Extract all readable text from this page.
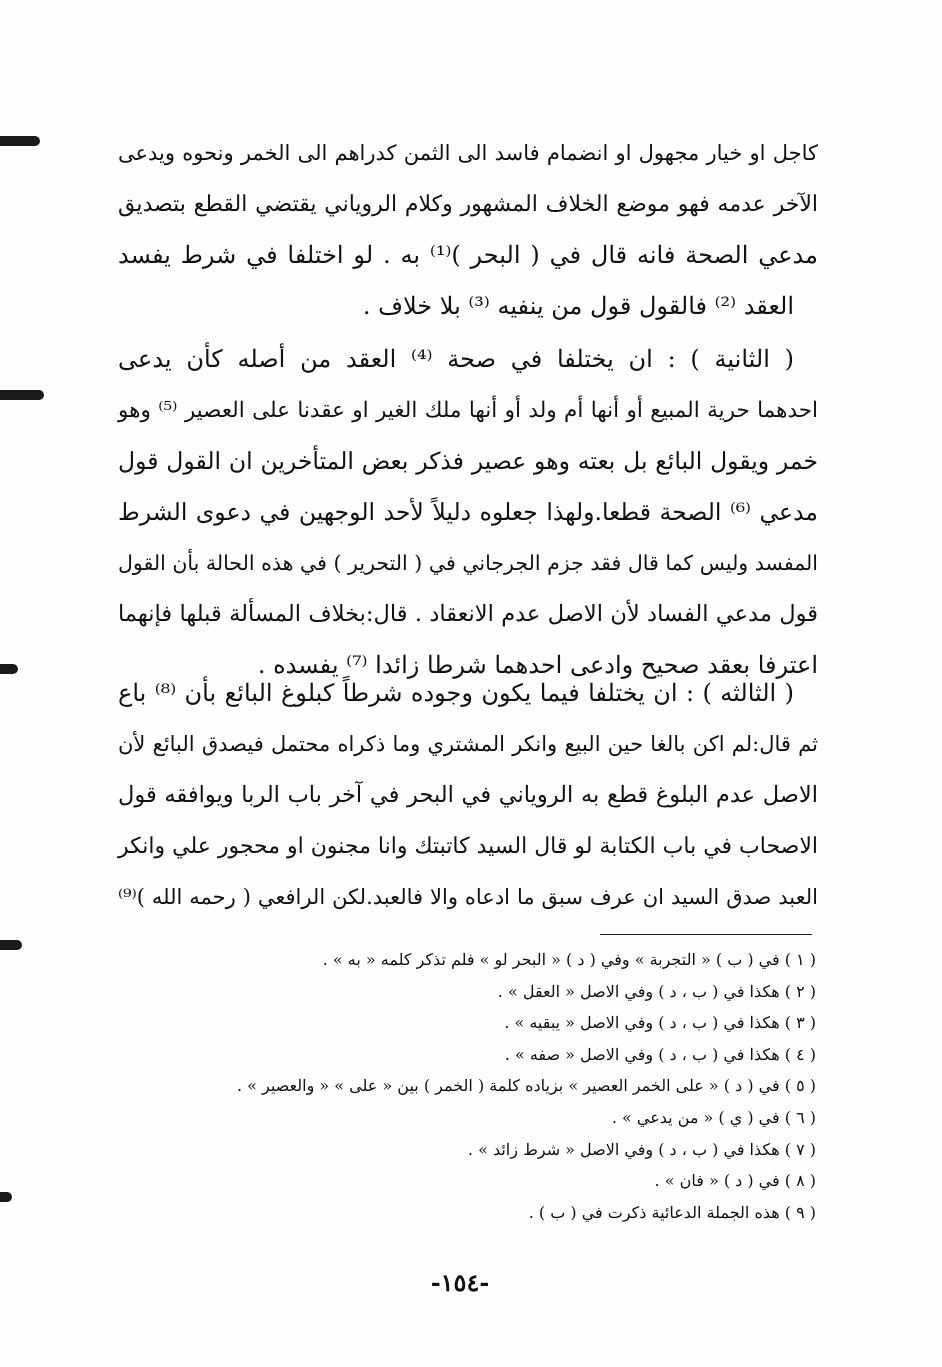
كاجل او خيار مجهول او انضمام فاسد الى الثمن كدراهم الى الخمر ونحوه ويدعى
الآخر عدمه فهو موضع الخلاف المشهور وكلام الروياني يقتضي القطع بتصديق
مدعي الصحة فانه قال في ( البحر )⁽¹⁾ به . لو اختلفا في شرط يفسد
العقد ⁽²⁾ فالقول قول من ينفيه ⁽³⁾ بلا خلاف .
( الثانية ) : ان يختلفا في صحة ⁽⁴⁾ العقد من أصله كأن يدعى
احدهما حرية المبيع أو أنها أم ولد أو أنها ملك الغير او عقدنا على العصير ⁽⁵⁾ وهو
خمر ويقول البائع بل بعته وهو عصير فذكر بعض المتأخرين ان القول قول
مدعي ⁽⁶⁾ الصحة قطعا.ولهذا جعلوه دليلاً لأحد الوجهين في دعوى الشرط
المفسد وليس كما قال فقد جزم الجرجاني في ( التحرير ) في هذه الحالة بأن القول
قول مدعي الفساد لأن الاصل عدم الانعقاد . قال:بخلاف المسألة قبلها فإنهما
اعترفا بعقد صحيح وادعى احدهما شرطا زائدا ⁽⁷⁾ يفسده .
( الثالثه ) : ان يختلفا فيما يكون وجوده شرطاً كبلوغ البائع بأن ⁽⁸⁾ باع
ثم قال:لم اكن بالغا حين البيع وانكر المشتري وما ذكراه محتمل فيصدق البائع لأن
الاصل عدم البلوغ قطع به الروياني في البحر في آخر باب الربا ويوافقه قول
الاصحاب في باب الكتابة لو قال السيد كاتبتك وانا مجنون او محجور علي وانكر
العبد صدق السيد ان عرف سبق ما ادعاه والا فالعبد.لكن الرافعي ( رحمه الله )⁽⁹⁾
( ١ ) في ( ب ) « التجربة » وفي ( د ) « البحر لو » فلم تذكر كلمه « به » .
( ٢ ) هكذا في ( ب ، د ) وفي الاصل « العقل » .
( ٣ ) هكذا في ( ب ، د ) وفي الاصل « يبقيه » .
( ٤ ) هكذا في ( ب ، د ) وفي الاصل « صفه » .
( ٥ ) في ( د ) « على الخمر العصير » بزياده كلمة ( الخمر ) بين « على » « والعصير » .
( ٦ ) في ( ي ) « من يدعي » .
( ٧ ) هكذا في ( ب ، د ) وفي الاصل « شرط زائد » .
( ٨ ) في ( د ) « فان » .
( ٩ ) هذه الجملة الدعائية ذكرت في ( ب ) .
-١٥٤-
